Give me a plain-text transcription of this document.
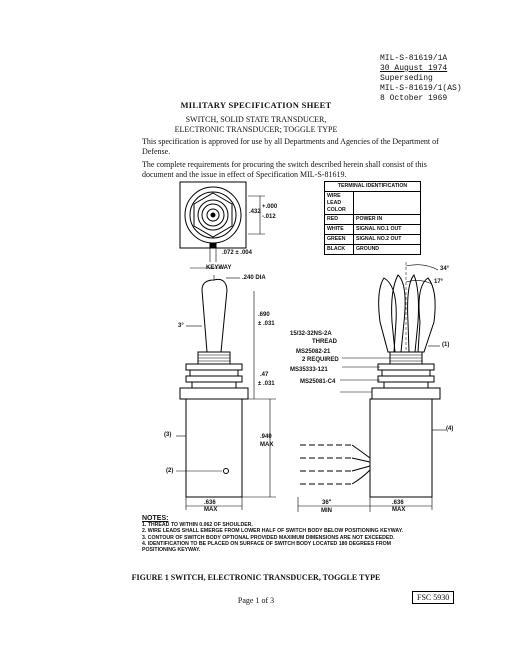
MIL-S-81619/1A
30 August 1974
Superseding
MIL-S-81619/1(AS)
8 October 1969
MILITARY SPECIFICATION SHEET
SWITCH, SOLID STATE TRANSDUCER,
ELECTRONIC TRANSDUCER; TOGGLE TYPE
This specification is approved for use by all Departments and Agencies of the Department of Defense.
The complete requirements for procuring the switch described herein shall consist of this document and the issue in effect of Specification MIL-S-81619.
TERMINAL IDENTIFICATION	
WIRE LEAD COLOR	
RED	POWER IN
WHITE	SIGNAL NO.1 OUT
GREEN	SIGNAL NO.2 OUT
BLACK	GROUND
+.000
.432
-.012
.072 ± .004
KEYWAY
.240 DIA
3°
.690
± .031
.47
± .031
.940
MAX
.636
MAX
36"
MIN
.636
MAX
34°
17°
15/32-32NS-2A
THREAD
MS25082-21
2 REQUIRED
MS35333-121
MS25081-C4
(1)
(2)
(3)
(4)
NOTES:
1. THREAD TO WITHIN 0.062 OF SHOULDER.
2. WIRE LEADS SHALL EMERGE FROM LOWER HALF OF SWITCH BODY BELOW POSITIONING KEYWAY.
3. CONTOUR OF SWITCH BODY OPTIONAL PROVIDED MAXIMUM DIMENSIONS ARE NOT EXCEEDED.
4. IDENTIFICATION TO BE PLACED ON SURFACE OF SWITCH BODY LOCATED 180 DEGREES FROM
POSITIONING KEYWAY.
FIGURE 1 SWITCH, ELECTRONIC TRANSDUCER, TOGGLE TYPE
Page 1 of 3	FSC 5930
